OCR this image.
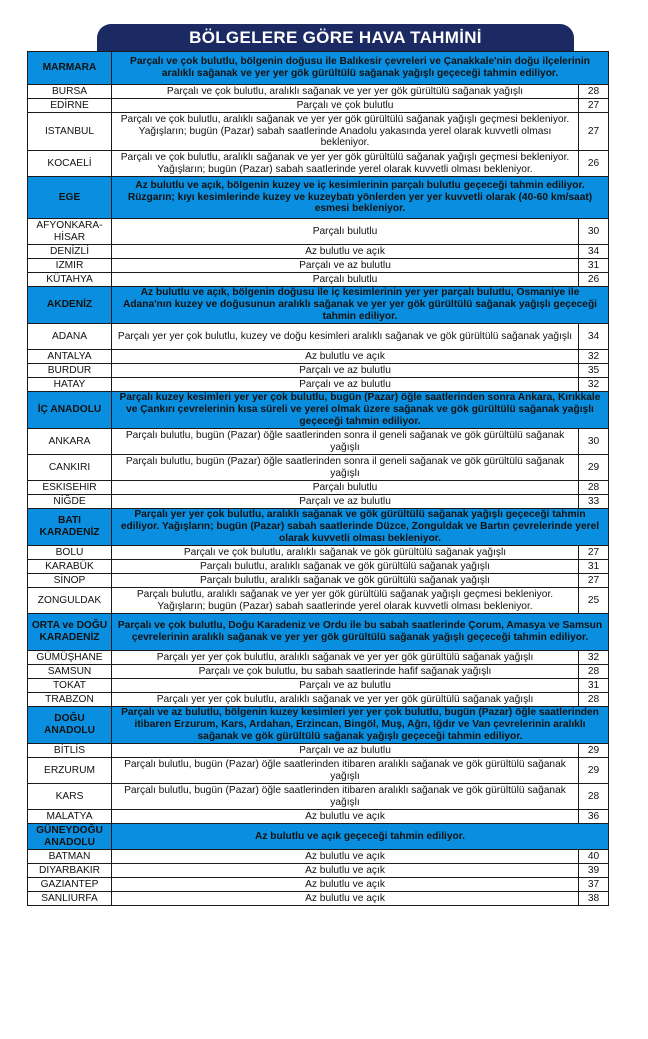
BÖLGELERE GÖRE HAVA TAHMİNİ
MARMARA	Parçalı ve çok bulutlu, bölgenin doğusu ile Balıkesir çevreleri ve Çanakkale'nin doğu ilçelerinin aralıklı sağanak ve yer yer gök gürültülü sağanak yağışlı geçeceği tahmin ediliyor.	
BURSA	Parçalı ve çok bulutlu, aralıklı sağanak ve yer yer gök gürültülü sağanak yağışlı	28
EDİRNE	Parçalı ve çok bulutlu	27
ISTANBUL	Parçalı ve çok bulutlu, aralıklı sağanak ve yer yer gök gürültülü sağanak yağışlı geçmesi bekleniyor. Yağışların; bugün (Pazar) sabah saatlerinde Anadolu yakasında yerel olarak kuvvetli olması bekleniyor.	27
KOCAELİ	Parçalı ve çok bulutlu, aralıklı sağanak ve yer yer gök gürültülü sağanak yağışlı geçmesi bekleniyor. Yağışların; bugün (Pazar) sabah saatlerinde yerel olarak kuvvetli olması bekleniyor.	26
EGE	Az bulutlu ve açık, bölgenin kuzey ve iç kesimlerinin parçalı bulutlu geçeceği tahmin ediliyor. Rüzgarın; kıyı kesimlerinde kuzey ve kuzeybatı yönlerden yer yer kuvvetli olarak (40-60 km/saat) esmesi bekleniyor.	
AFYONKARA-HİSAR	Parçalı bulutlu	30
DENİZLİ	Az bulutlu ve açık	34
IZMIR	Parçalı ve az bulutlu	31
KÜTAHYA	Parçalı bulutlu	26
AKDENİZ	Az bulutlu ve açık, bölgenin doğusu ile iç kesimlerinin yer yer parçalı bulutlu, Osmaniye ile Adana'nın kuzey ve doğusunun aralıklı sağanak ve yer yer gök gürültülü sağanak yağışlı geçeceği tahmin ediliyor.	
ADANA	Parçalı yer yer çok bulutlu, kuzey ve doğu kesimleri aralıklı sağanak ve gök gürültülü sağanak yağışlı	34
ANTALYA	Az bulutlu ve açık	32
BURDUR	Parçalı ve az bulutlu	35
HATAY	Parçalı ve az bulutlu	32
İÇ ANADOLU	Parçalı kuzey kesimleri yer yer çok bulutlu, bugün (Pazar) öğle saatlerinden sonra Ankara, Kırıkkale ve Çankırı çevrelerinin kısa süreli ve yerel olmak üzere sağanak ve gök gürültülü sağanak yağışlı geçeceği tahmin ediliyor.	
ANKARA	Parçalı bulutlu, bugün (Pazar) öğle saatlerinden sonra il geneli sağanak ve gök gürültülü sağanak yağışlı	30
CANKIRI	Parçalı bulutlu, bugün (Pazar) öğle saatlerinden sonra il geneli sağanak ve gök gürültülü sağanak yağışlı	29
ESKISEHIR	Parçalı bulutlu	28
NİĞDE	Parçalı ve az bulutlu	33
BATI KARADENİZ	Parçalı yer yer çok bulutlu, aralıklı sağanak ve gök gürültülü sağanak yağışlı geçeceği tahmin ediliyor. Yağışların; bugün (Pazar) sabah saatlerinde Düzce, Zonguldak ve Bartın çevrelerinde yerel olarak kuvvetli olması bekleniyor.	
BOLU	Parçalı ve çok bulutlu, aralıklı sağanak ve gök gürültülü sağanak yağışlı	27
KARABÜK	Parçalı bulutlu, aralıklı sağanak ve gök gürültülü sağanak yağışlı	31
SİNOP	Parçalı bulutlu, aralıklı sağanak ve gök gürültülü sağanak yağışlı	27
ZONGULDAK	Parçalı bulutlu, aralıklı sağanak ve yer yer gök gürültülü sağanak yağışlı geçmesi bekleniyor. Yağışların; bugün (Pazar) sabah saatlerinde yerel olarak kuvvetli olması bekleniyor.	25
ORTA ve DOĞU KARADENİZ	Parçalı ve çok bulutlu, Doğu Karadeniz ve Ordu ile bu sabah saatlerinde Çorum, Amasya ve Samsun çevrelerinin aralıklı sağanak ve yer yer gök gürültülü sağanak yağışlı geçeceği tahmin ediliyor.	
GÜMÜŞHANE	Parçalı yer yer çok bulutlu, aralıklı sağanak ve yer yer gök gürültülü sağanak yağışlı	32
SAMSUN	Parçalı ve çok bulutlu, bu sabah saatlerinde hafif sağanak yağışlı	28
TOKAT	Parçalı ve az bulutlu	31
TRABZON	Parçalı yer yer çok bulutlu, aralıklı sağanak ve yer yer gök gürültülü sağanak yağışlı	28
DOĞU ANADOLU	Parçalı ve az bulutlu, bölgenin kuzey kesimleri yer yer çok bulutlu, bugün (Pazar) öğle saatlerinden itibaren Erzurum, Kars, Ardahan, Erzincan, Bingöl, Muş, Ağrı, Iğdır ve Van çevrelerinin aralıklı sağanak ve gök gürültülü sağanak yağışlı geçeceği tahmin ediliyor.	
BİTLİS	Parçalı ve az bulutlu	29
ERZURUM	Parçalı bulutlu, bugün (Pazar) öğle saatlerinden itibaren aralıklı sağanak ve gök gürültülü sağanak yağışlı	29
KARS	Parçalı bulutlu, bugün (Pazar) öğle saatlerinden itibaren aralıklı sağanak ve gök gürültülü sağanak yağışlı	28
MALATYA	Az bulutlu ve açık	36
GÜNEYDOĞU ANADOLU	Az bulutlu ve açık geçeceği tahmin ediliyor.	
BATMAN	Az bulutlu ve açık	40
DIYARBAKIR	Az bulutlu ve açık	39
GAZIANTEP	Az bulutlu ve açık	37
SANLIURFA	Az bulutlu ve açık	38
